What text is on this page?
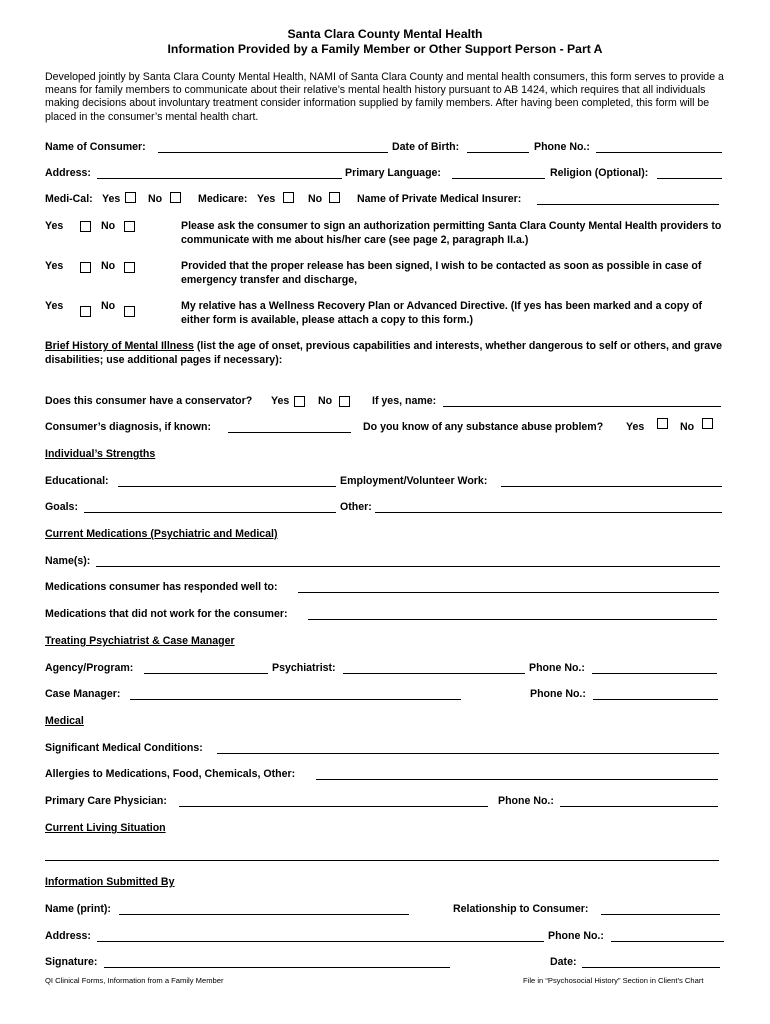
Santa Clara County Mental Health
Information Provided by a Family Member or Other Support Person - Part A
Developed jointly by Santa Clara County Mental Health, NAMI of Santa Clara County and mental health consumers, this form serves to provide a means for family members to communicate about their relative’s mental health history pursuant to AB 1424, which requires that all individuals making decisions about involuntary treatment consider information supplied by family members. After having been completed, this form will be placed in the consumer’s mental health chart.
Name of Consumer:	Date of Birth:	Phone No.:
Address:	Primary Language:	Religion (Optional):
Medi-Cal: Yes	No	Medicare: Yes	No	Name of Private Medical Insurer:
Yes	No	Please ask the consumer to sign an authorization permitting Santa Clara County Mental Health providers to communicate with me about his/her care (see page 2, paragraph II.a.)
Yes	No	Provided that the proper release has been signed, I wish to be contacted as soon as possible in case of emergency transfer and discharge,
Yes	No	My relative has a Wellness Recovery Plan or Advanced Directive. (If yes has been marked and a copy of either form is available, please attach a copy to this form.)
Brief History of Mental Illness (list the age of onset, previous capabilities and interests, whether dangerous to self or others, and grave disabilities; use additional pages if necessary):
Does this consumer have a conservator? Yes	No	If yes, name:
Consumer’s diagnosis, if known:	Do you know of any substance abuse problem? Yes	No
Individual’s Strengths
Educational:	Employment/Volunteer Work:
Goals:	Other:
Current Medications (Psychiatric and Medical)
Name(s):
Medications consumer has responded well to:
Medications that did not work for the consumer:
Treating Psychiatrist & Case Manager
Agency/Program:	Psychiatrist:	Phone No.:
Case Manager:	Phone No.:
Medical
Significant Medical Conditions:
Allergies to Medications, Food, Chemicals, Other:
Primary Care Physician:	Phone No.:
Current Living Situation
Information Submitted By
Name (print):	Relationship to Consumer:
Address:	Phone No.:
Signature:	Date:
QI Clinical Forms, Information from a Family Member	File in “Psychosocial History” Section in Client’s Chart
